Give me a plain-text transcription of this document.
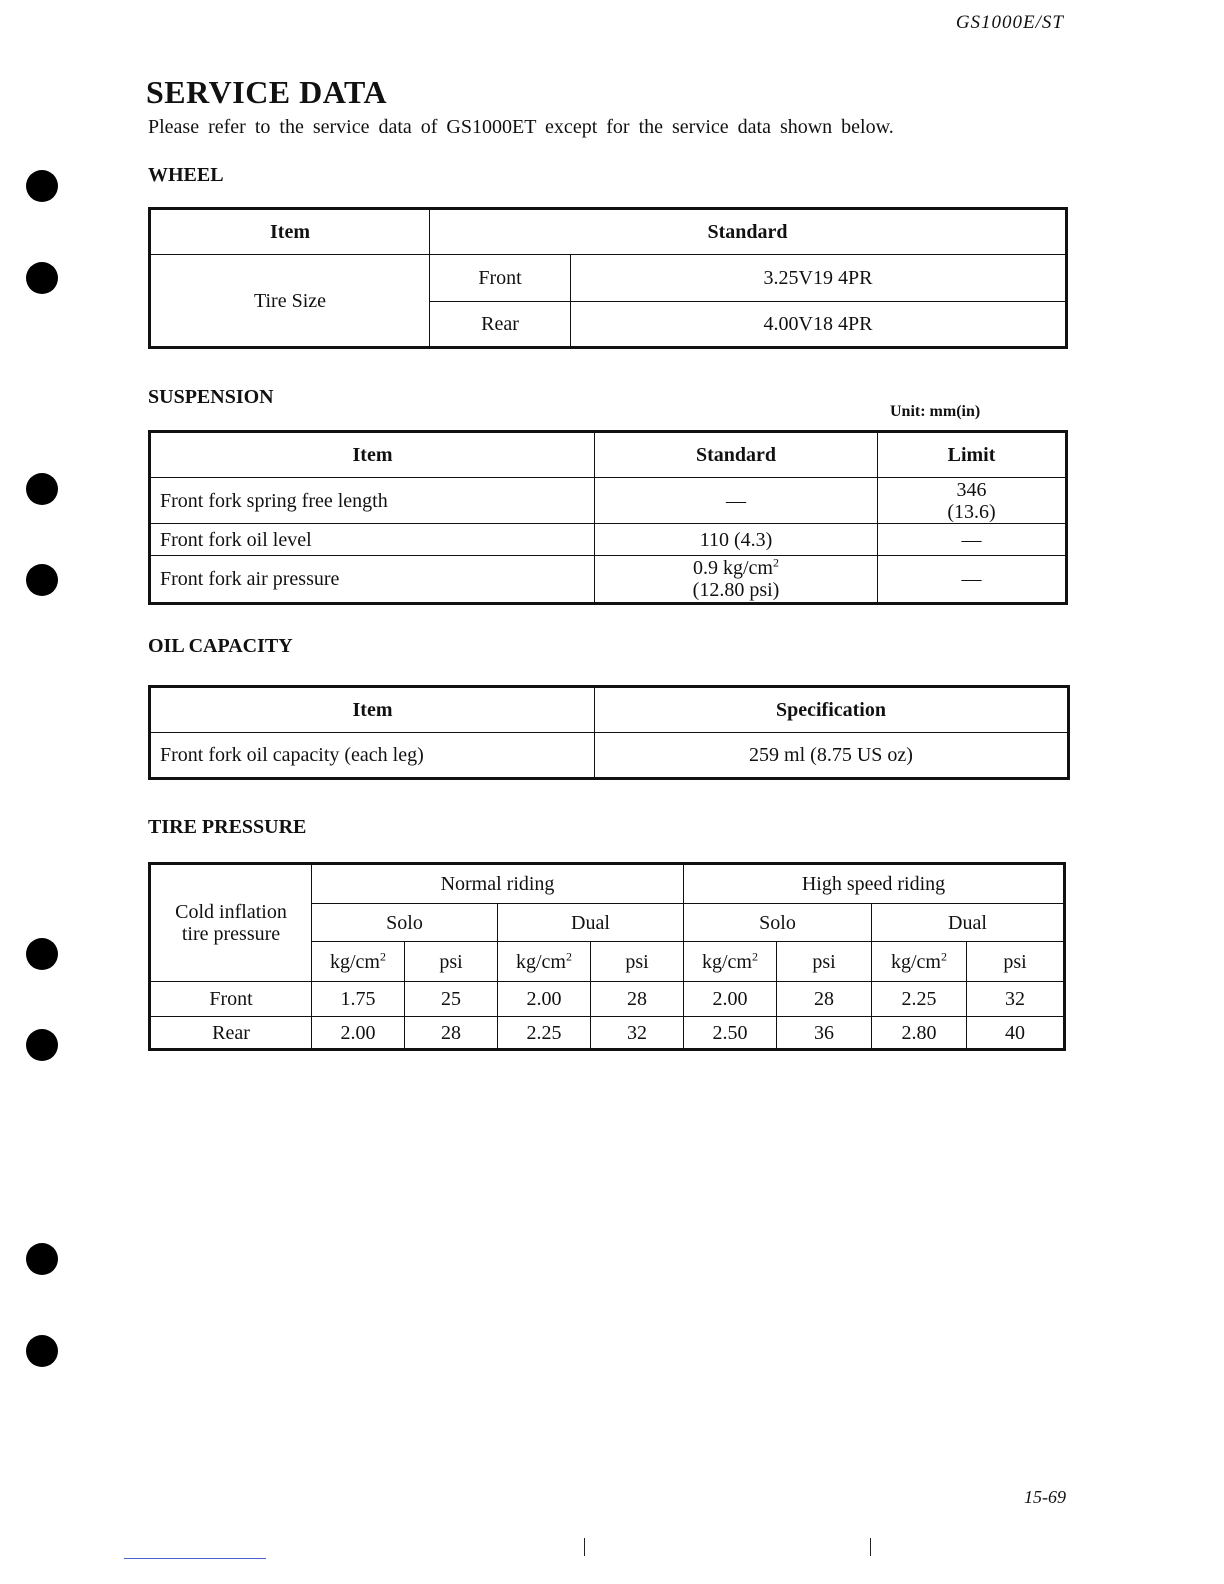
GS1000E/ST
SERVICE DATA
Please refer to the service data of GS1000ET except for the service data shown below.
WHEEL
Item	Standard	
Tire Size	Front	3.25V19 4PR
	Rear	4.00V18 4PR
SUSPENSION
Unit: mm(in)
Item	Standard	Limit
Front fork spring free length	—	346
(13.6)

Front fork oil level	110 (4.3)	—
Front fork air pressure	0.9 $kg/cm^2$
(12.80 psi)	—
OIL CAPACITY
Item	Specification
Front fork oil capacity (each leg)	259 ml (8.75 US oz)
TIRE PRESSURE
Cold inflation
tire pressure	Normal riding				High speed riding			
	Solo		Dual		Solo		Dual	
	$kg/cm^2$	psi	$kg/cm^2$	psi	$kg/cm^2$	psi	$kg/cm^2$	psi
Front	1.75	25	2.00	28	2.00	28	2.25	32
Rear	2.00	28	2.25	32	2.50	36	2.80	40
15-69
